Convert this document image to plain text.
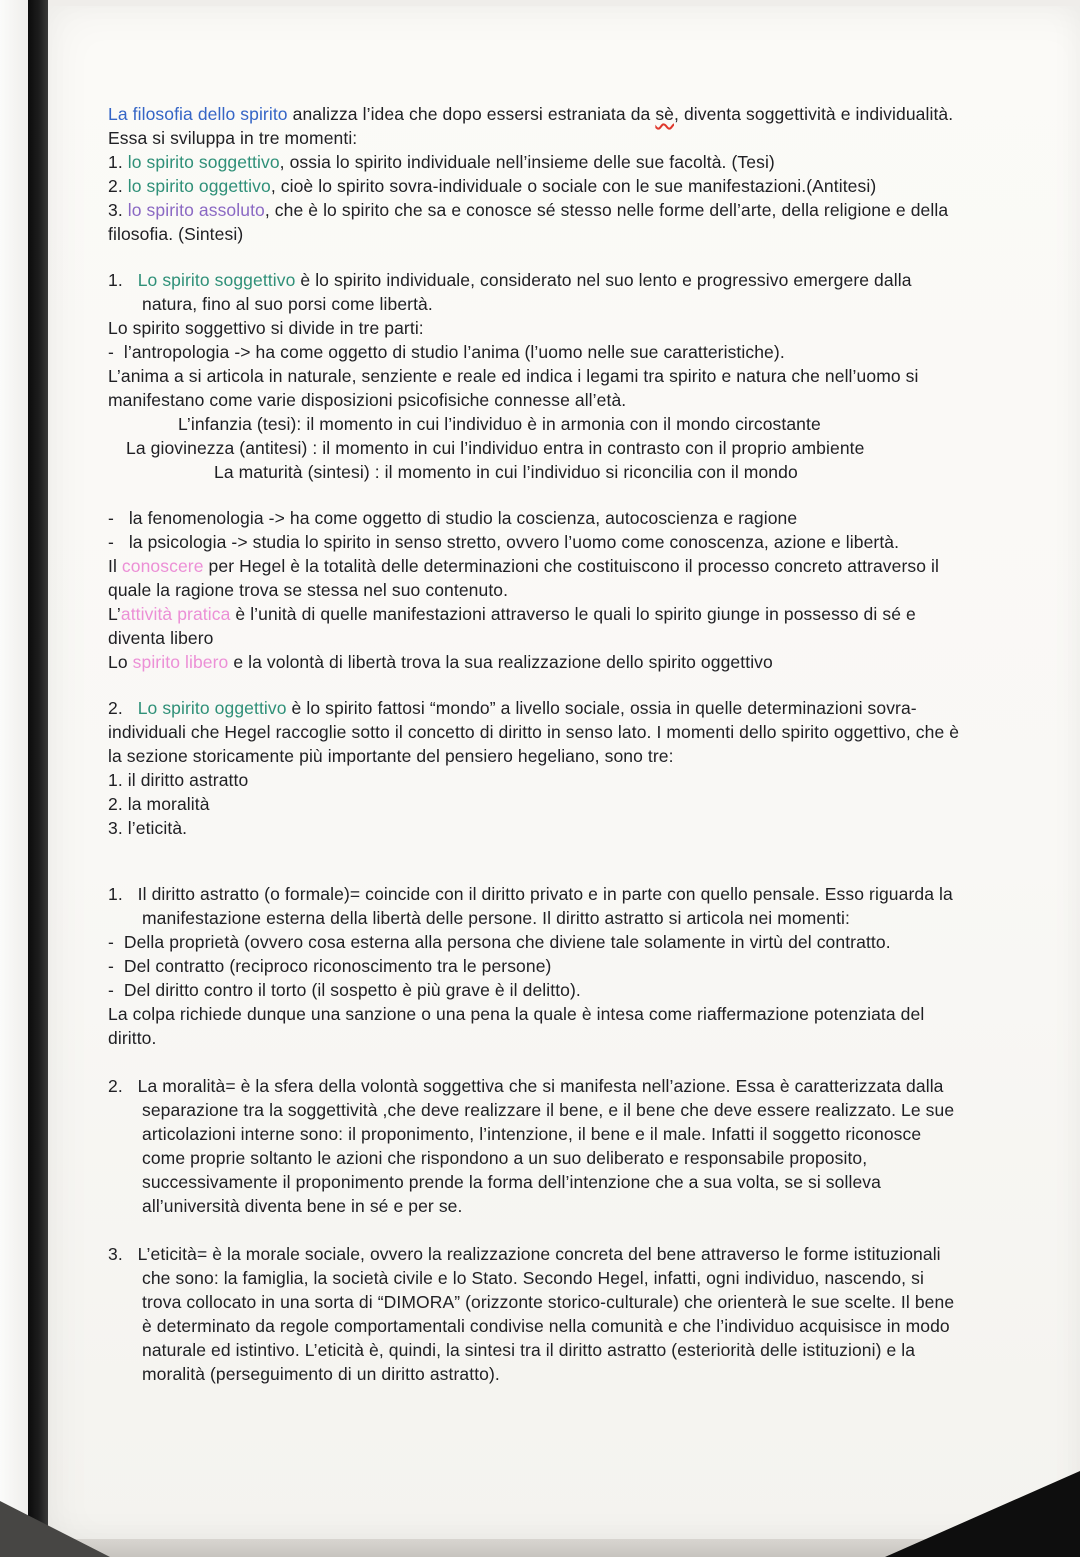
La filosofia dello spirito analizza l’idea che dopo essersi estraniata da sè, diventa soggettività e individualità. Essa si sviluppa in tre momenti:
1. lo spirito soggettivo, ossia lo spirito individuale nell’insieme delle sue facoltà. (Tesi)
2. lo spirito oggettivo, cioè lo spirito sovra-individuale o sociale con le sue manifestazioni.(Antitesi)
3. lo spirito assoluto, che è lo spirito che sa e conosce sé stesso nelle forme dell’arte, della religione e della filosofia. (Sintesi)
1.   Lo spirito soggettivo è lo spirito individuale, considerato nel suo lento e progressivo emergere dalla natura, fino al suo porsi come libertà.
Lo spirito soggettivo si divide in tre parti:
-  l’antropologia -> ha come oggetto di studio l’anima (l’uomo nelle sue caratteristiche).
L’anima a si articola in naturale, senziente e reale ed indica i legami tra spirito e natura che nell’uomo si manifestano come varie disposizioni psicofisiche connesse all’età.
L’infanzia (tesi): il momento in cui l’individuo è in armonia con il mondo circostante
La giovinezza (antitesi) : il momento in cui l’individuo entra in contrasto con il proprio ambiente
La maturità (sintesi) : il momento in cui l’individuo si riconcilia con il mondo
-   la fenomenologia -> ha come oggetto di studio la coscienza, autocoscienza e ragione
-   la psicologia -> studia lo spirito in senso stretto, ovvero l’uomo come conoscenza, azione e libertà.
Il conoscere per Hegel è la totalità delle determinazioni che costituiscono il processo concreto attraverso il quale la ragione trova se stessa nel suo contenuto.
L’attività pratica è l’unità di quelle manifestazioni attraverso le quali lo spirito giunge in possesso di sé e diventa libero
Lo spirito libero e la volontà di libertà trova la sua realizzazione dello spirito oggettivo
2.   Lo spirito oggettivo è lo spirito fattosi “mondo” a livello sociale, ossia in quelle determinazioni sovra-individuali che Hegel raccoglie sotto il concetto di diritto in senso lato. I momenti dello spirito oggettivo, che è la sezione storicamente più importante del pensiero hegeliano, sono tre:
1. il diritto astratto
2. la moralità
3. l’eticità.
1.   Il diritto astratto (o formale)= coincide con il diritto privato e in parte con quello pensale. Esso riguarda la manifestazione esterna della libertà delle persone. Il diritto astratto si articola nei momenti:
-  Della proprietà (ovvero cosa esterna alla persona che diviene tale solamente in virtù del contratto.
-  Del contratto (reciproco riconoscimento tra le persone)
-  Del diritto contro il torto (il sospetto è più grave è il delitto).
La colpa richiede dunque una sanzione o una pena la quale è intesa come riaffermazione potenziata del diritto.
2.   La moralità= è la sfera della volontà soggettiva che si manifesta nell’azione. Essa è caratterizzata dalla separazione tra la soggettività ,che deve realizzare il bene, e il bene che deve essere realizzato. Le sue articolazioni interne sono: il proponimento, l’intenzione, il bene e il male. Infatti il soggetto riconosce come proprie soltanto le azioni che rispondono a un suo deliberato e responsabile proposito, successivamente il proponimento prende la forma dell’intenzione che a sua volta, se si solleva all’università diventa bene in sé e per se.
3.   L’eticità= è la morale sociale, ovvero la realizzazione concreta del bene attraverso le forme istituzionali che sono: la famiglia, la società civile e lo Stato. Secondo Hegel, infatti, ogni individuo, nascendo, si trova collocato in una sorta di “DIMORA” (orizzonte storico-culturale) che orienterà le sue scelte. Il bene è determinato da regole comportamentali condivise nella comunità e che l’individuo acquisisce in modo naturale ed istintivo. L’eticità è, quindi, la sintesi tra il diritto astratto (esteriorità delle istituzioni) e la moralità (perseguimento di un diritto astratto).
